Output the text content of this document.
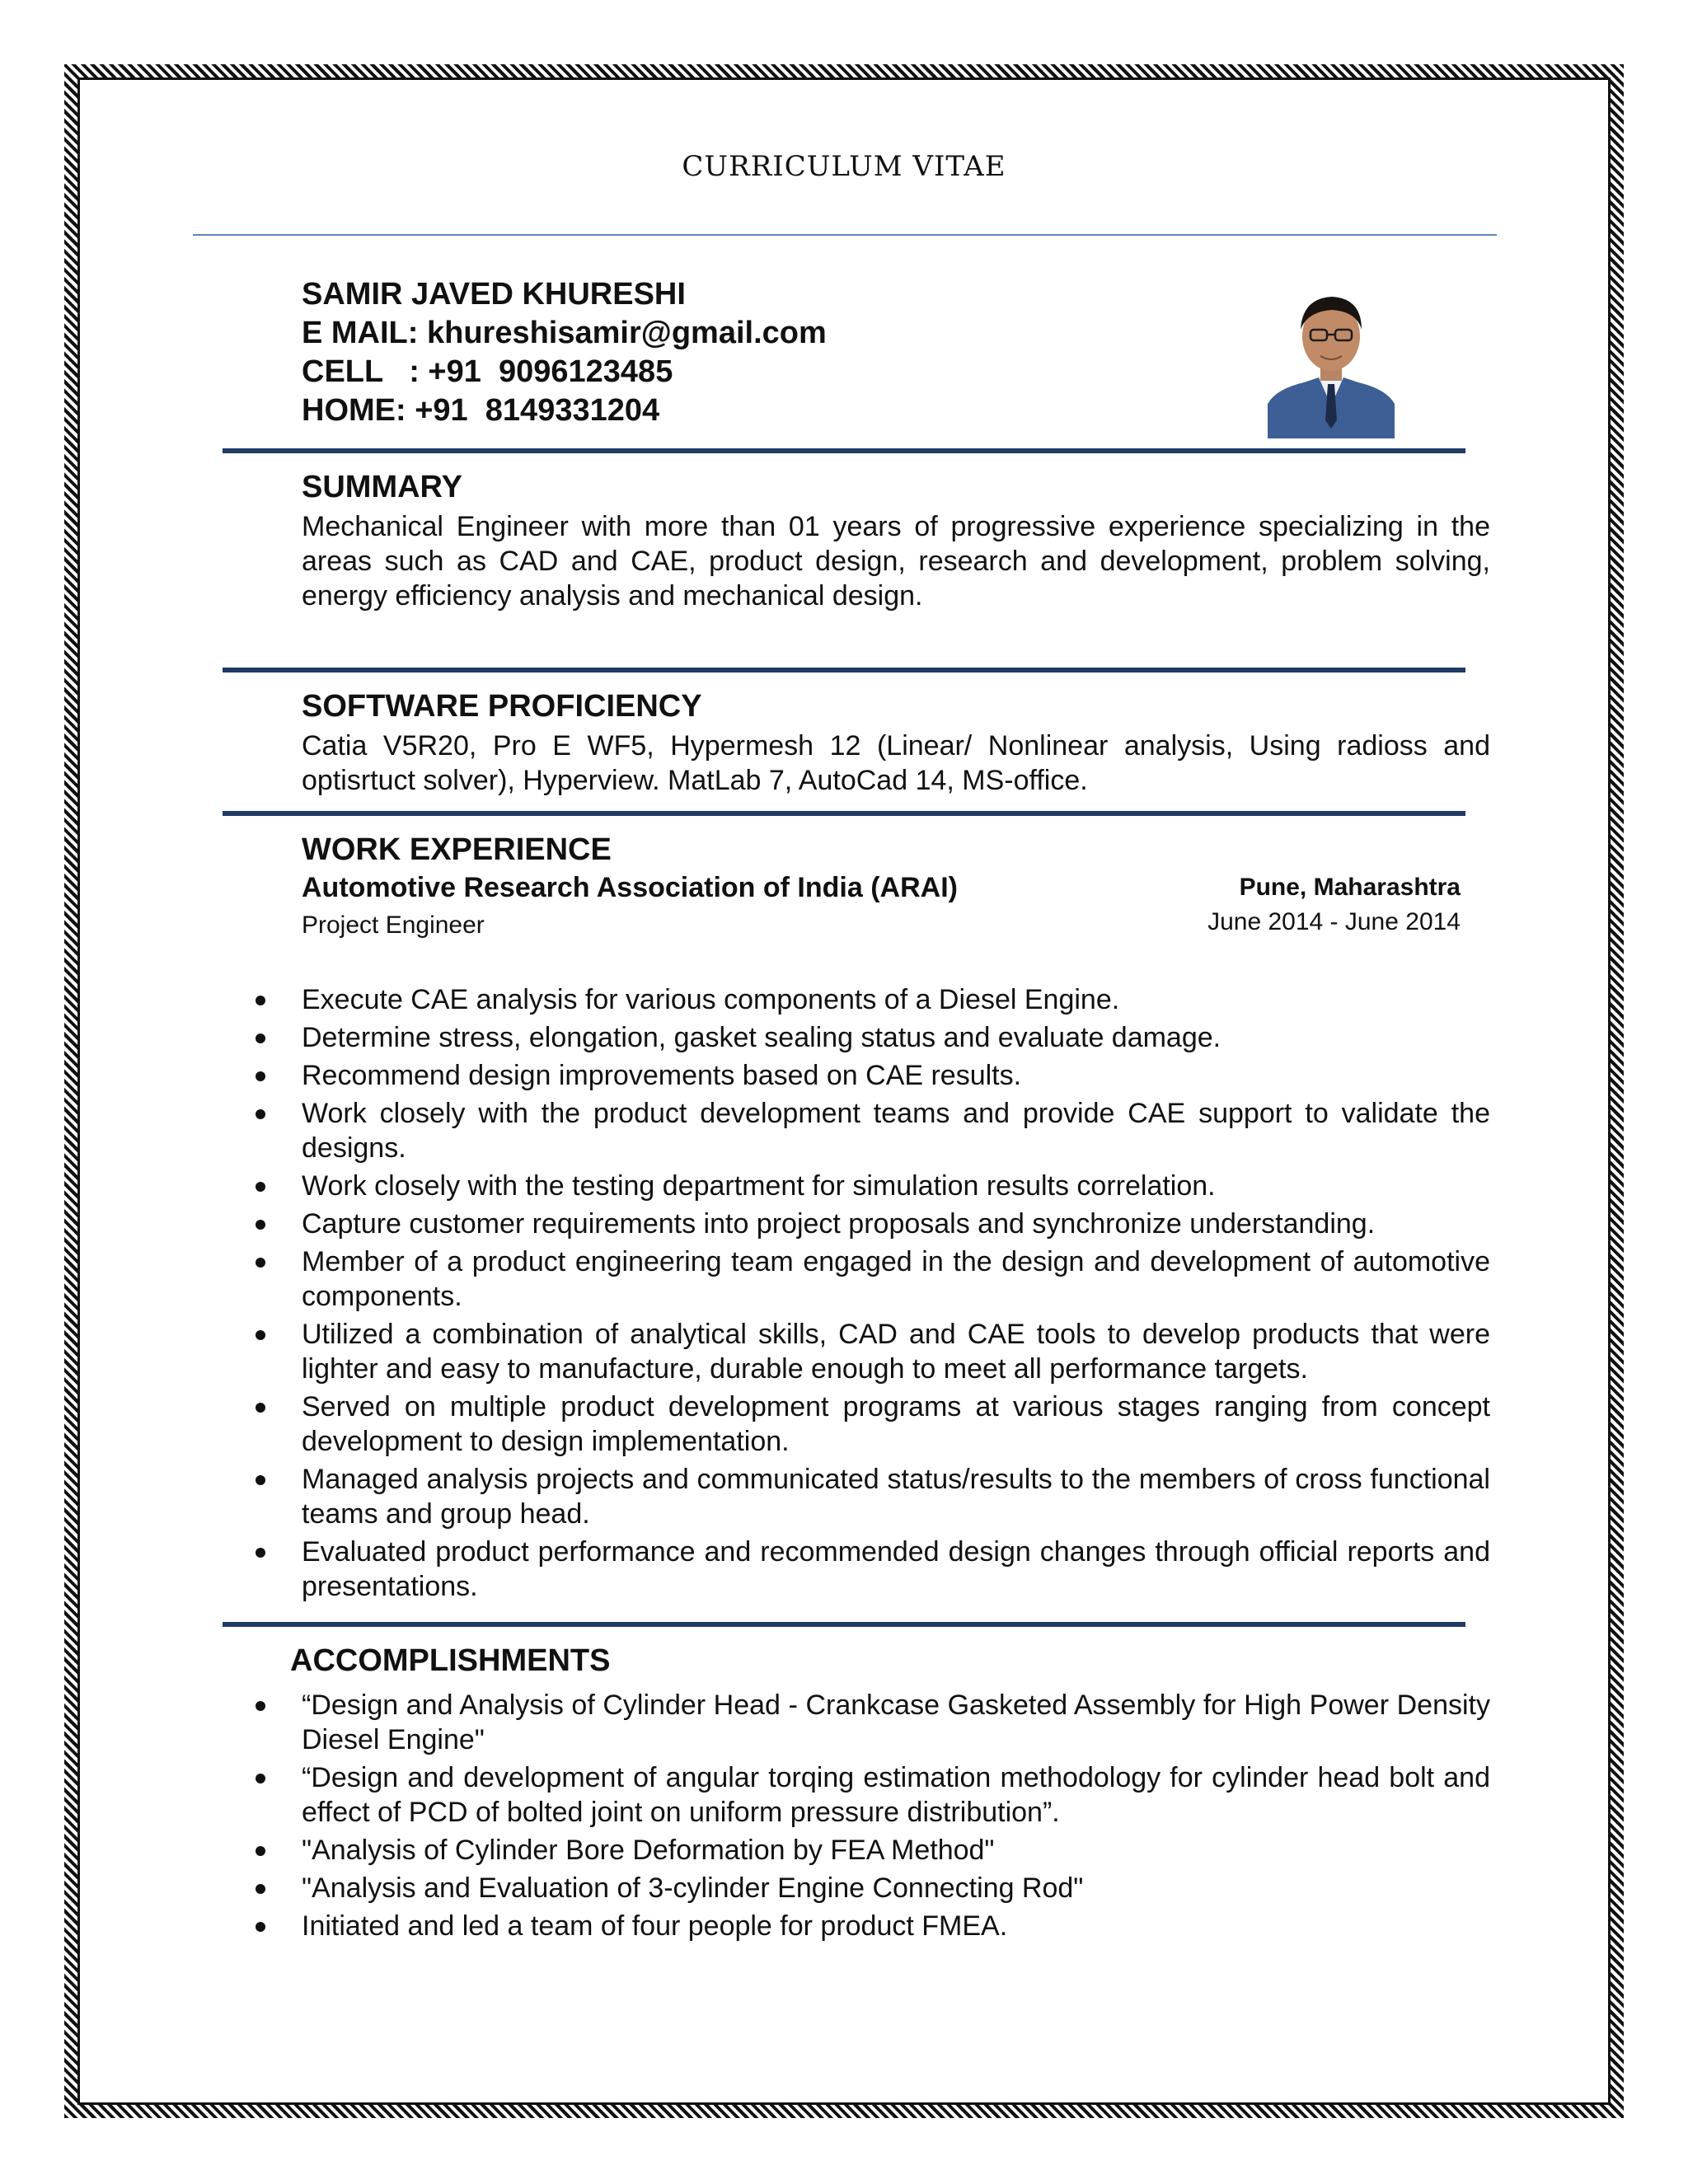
CURRICULUM VITAE
SAMIR JAVED KHURESHI
E MAIL: khureshisamir@gmail.com
CELL   : +91  9096123485
HOME: +91  8149331204
SUMMARY
Mechanical Engineer with more than 01 years of progressive experience specializing in the areas such as CAD and CAE, product design, research and development, problem solving, energy efficiency analysis and mechanical design.
SOFTWARE PROFICIENCY
Catia V5R20, Pro E WF5, Hypermesh 12 (Linear/ Nonlinear analysis, Using radioss and optisrtuct solver), Hyperview. MatLab 7, AutoCad 14, MS-office.
WORK EXPERIENCE
Automotive Research Association of India (ARAI)
Project Engineer
Pune, Maharashtra
June 2014 - June 2014
Execute CAE analysis for various components of a Diesel Engine.
Determine stress, elongation, gasket sealing status and evaluate damage.
Recommend design improvements based on CAE results.
Work closely with the product development teams and provide CAE support to validate the designs.
Work closely with the testing department for simulation results correlation.
Capture customer requirements into project proposals and synchronize understanding.
Member of a product engineering team engaged in the design and development of automotive components.
Utilized a combination of analytical skills, CAD and CAE tools to develop products that were lighter and easy to manufacture, durable enough to meet all performance targets.
Served on multiple product development programs at various stages ranging from concept development to design implementation.
Managed analysis projects and communicated status/results to the members of cross functional teams and group head.
Evaluated product performance and recommended design changes through official reports and presentations.
ACCOMPLISHMENTS
“Design and Analysis of Cylinder Head - Crankcase Gasketed Assembly for High Power Density Diesel Engine"
“Design and development of angular torqing estimation methodology for cylinder head bolt and effect of PCD of bolted joint on uniform pressure distribution”.
"Analysis of Cylinder Bore Deformation by FEA Method"
"Analysis and Evaluation of 3-cylinder Engine Connecting Rod"
Initiated and led a team of four people for product FMEA.
